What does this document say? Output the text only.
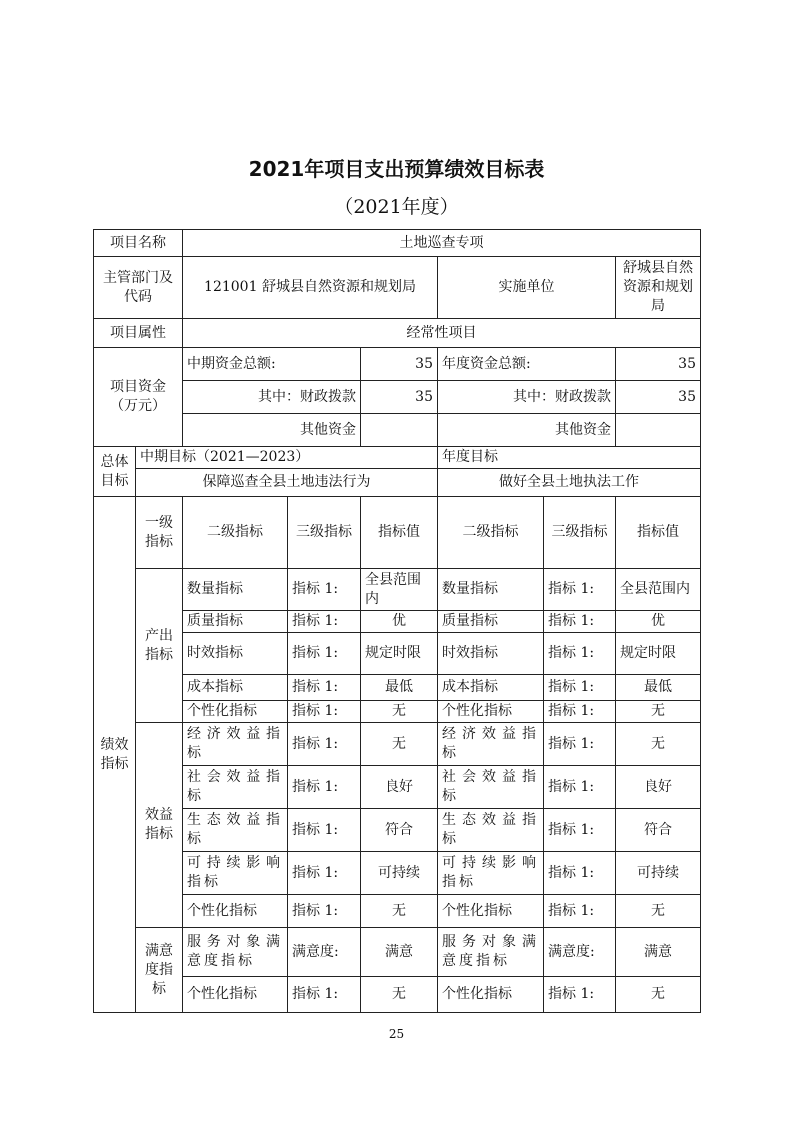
2021年项目支出预算绩效目标表
（2021年度）
项目名称		土地巡查专项					
主管部门及代码		121001 舒城县自然资源和规划局			实施单位		舒城县自然资源和规划局
项目属性		经常性项目					
项目资金（万元）		中期资金总额:		35	年度资金总额:		35
		其中：财政拨款		35	其中：财政拨款		35
		其他资金			其他资金		
总体目标	中期目标（2021—2023）				年度目标		
	保障巡查全县土地违法行为				做好全县土地执法工作		
绩效指标	一级指标	二级指标	三级指标	指标值	二级指标	三级指标	指标值
	产出指标	数量指标	指标 1:	全县范围内	数量指标	指标 1:	全县范围内
		质量指标	指标 1:	优	质量指标	指标 1:	优
		时效指标	指标 1:	规定时限	时效指标	指标 1:	规定时限
		成本指标	指标 1:	最低	成本指标	指标 1:	最低
		个性化指标	指标 1:	无	个性化指标	指标 1:	无
	效益指标	经济效益指标	指标 1:	无	经济效益指标	指标 1:	无
		社会效益指标	指标 1:	良好	社会效益指标	指标 1:	良好
		生态效益指标	指标 1:	符合	生态效益指标	指标 1:	符合
		可持续影响指标	指标 1:	可持续	可持续影响指标	指标 1:	可持续
		个性化指标	指标 1:	无	个性化指标	指标 1:	无
	满意度指标	服务对象满意度指标	满意度:	满意	服务对象满意度指标	满意度:	满意
		个性化指标	指标 1:	无	个性化指标	指标 1:	无
25
